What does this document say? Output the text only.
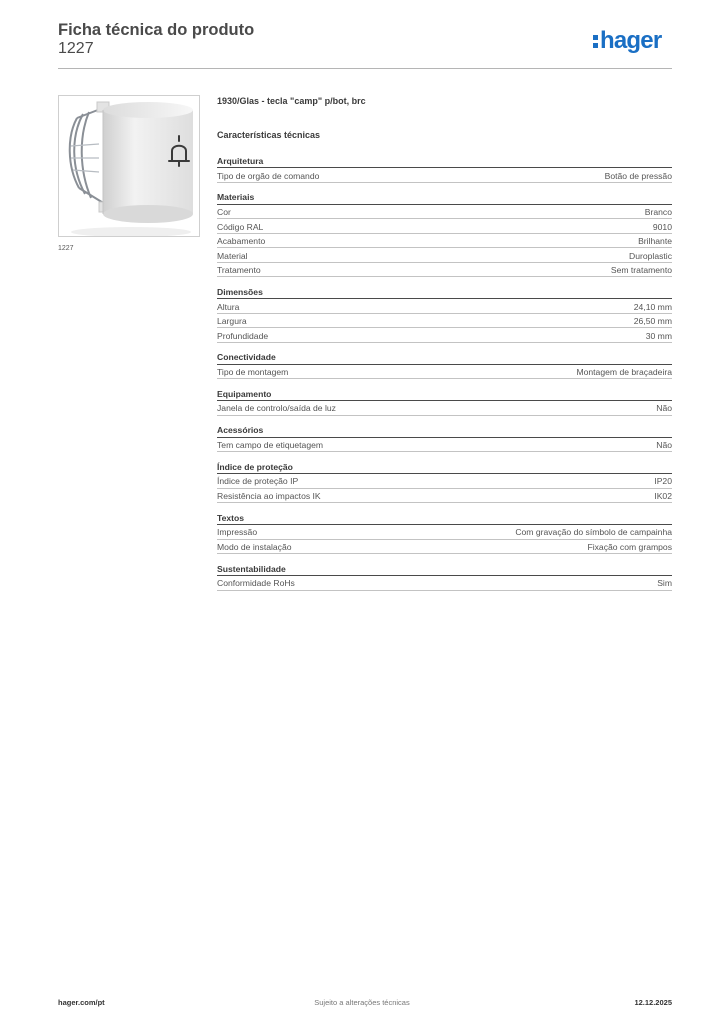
Ficha técnica do produto
1227	hager
1227
1930/Glas - tecla "camp" p/bot, brc
Características técnicas
Arquitetura
Tipo de orgão de comando	Botão de pressão
Materiais
Cor	Branco
Código RAL	9010
Acabamento	Brilhante
Material	Duroplastic
Tratamento	Sem tratamento
Dimensões
Altura	24,10 mm
Largura	26,50 mm
Profundidade	30 mm
Conectividade
Tipo de montagem	Montagem de braçadeira
Equipamento
Janela de controlo/saída de luz	Não
Acessórios
Tem campo de etiquetagem	Não
Índice de proteção
Índice de proteção IP	IP20
Resistência ao impactos IK	IK02
Textos
Impressão	Com gravação do símbolo de campainha
Modo de instalação	Fixação com grampos
Sustentabilidade
Conformidade RoHs	Sim
hager.com/pt	Sujeito a alterações técnicas	12.12.2025
